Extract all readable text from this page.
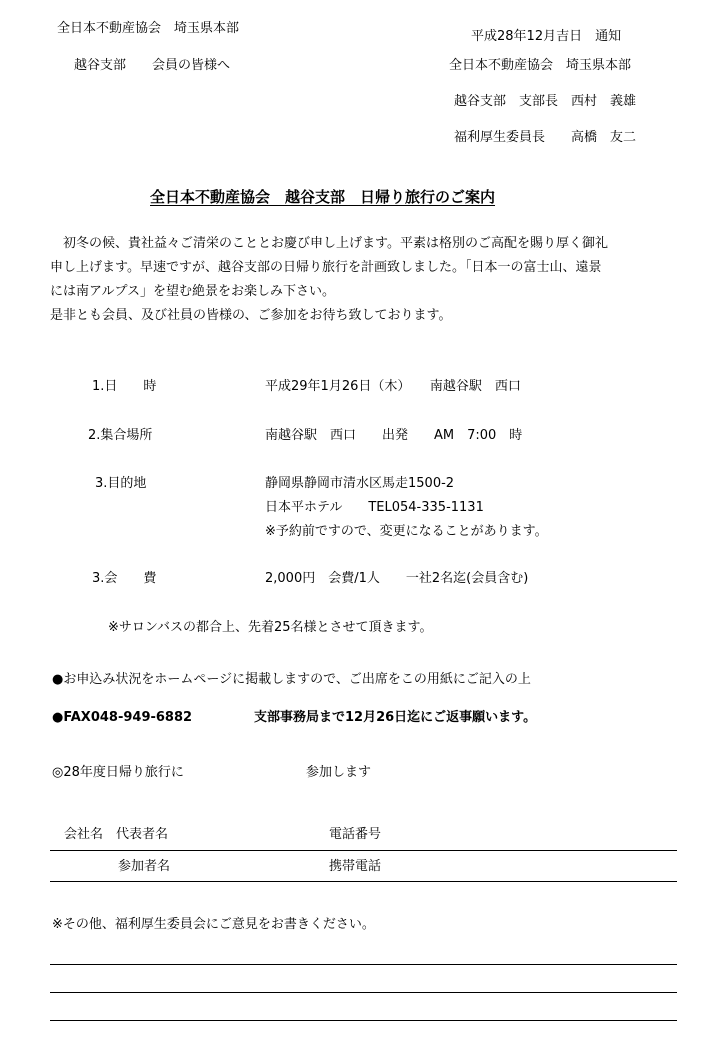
全日本不動産協会　埼玉県本部
越谷支部　　会員の皆様へ
平成28年12月吉日　通知
全日本不動産協会　埼玉県本部
越谷支部　支部長　西村　義雄
福利厚生委員長　　高橋　友二
全日本不動産協会　越谷支部　日帰り旅行のご案内
　初冬の候、貴社益々ご清栄のこととお慶び申し上げます。平素は格別のご高配を賜り厚く御礼
申し上げます。早速ですが、越谷支部の日帰り旅行を計画致しました。「日本一の富士山、遠景
には南アルプス」を望む絶景をお楽しみ下さい。
是非とも会員、及び社員の皆様の、ご参加をお待ち致しております。
1.日　　時	平成29年1月26日（木）　　南越谷駅　西口
2.集合場所	南越谷駅　西口　　出発　　AM　7:00　時
3.目的地	静岡県静岡市清水区馬走1500-2
日本平ホテル　　TEL054-335-1131
※予約前ですので、変更になることがあります。
3.会　　費	2,000円　会費/1人　　一社2名迄(会員含む)
※サロンバスの都合上、先着25名様とさせて頂きます。
●お申込み状況をホームページに掲載しますので、ご出席をこの用紙にご記入の上
●FAX048-949-6882	支部事務局まで12月26日迄にご返事願います。
◎28年度日帰り旅行に	参加します
会社名　代表者名	電話番号
参加者名	携帯電話
※その他、福利厚生委員会にご意見をお書きください。
